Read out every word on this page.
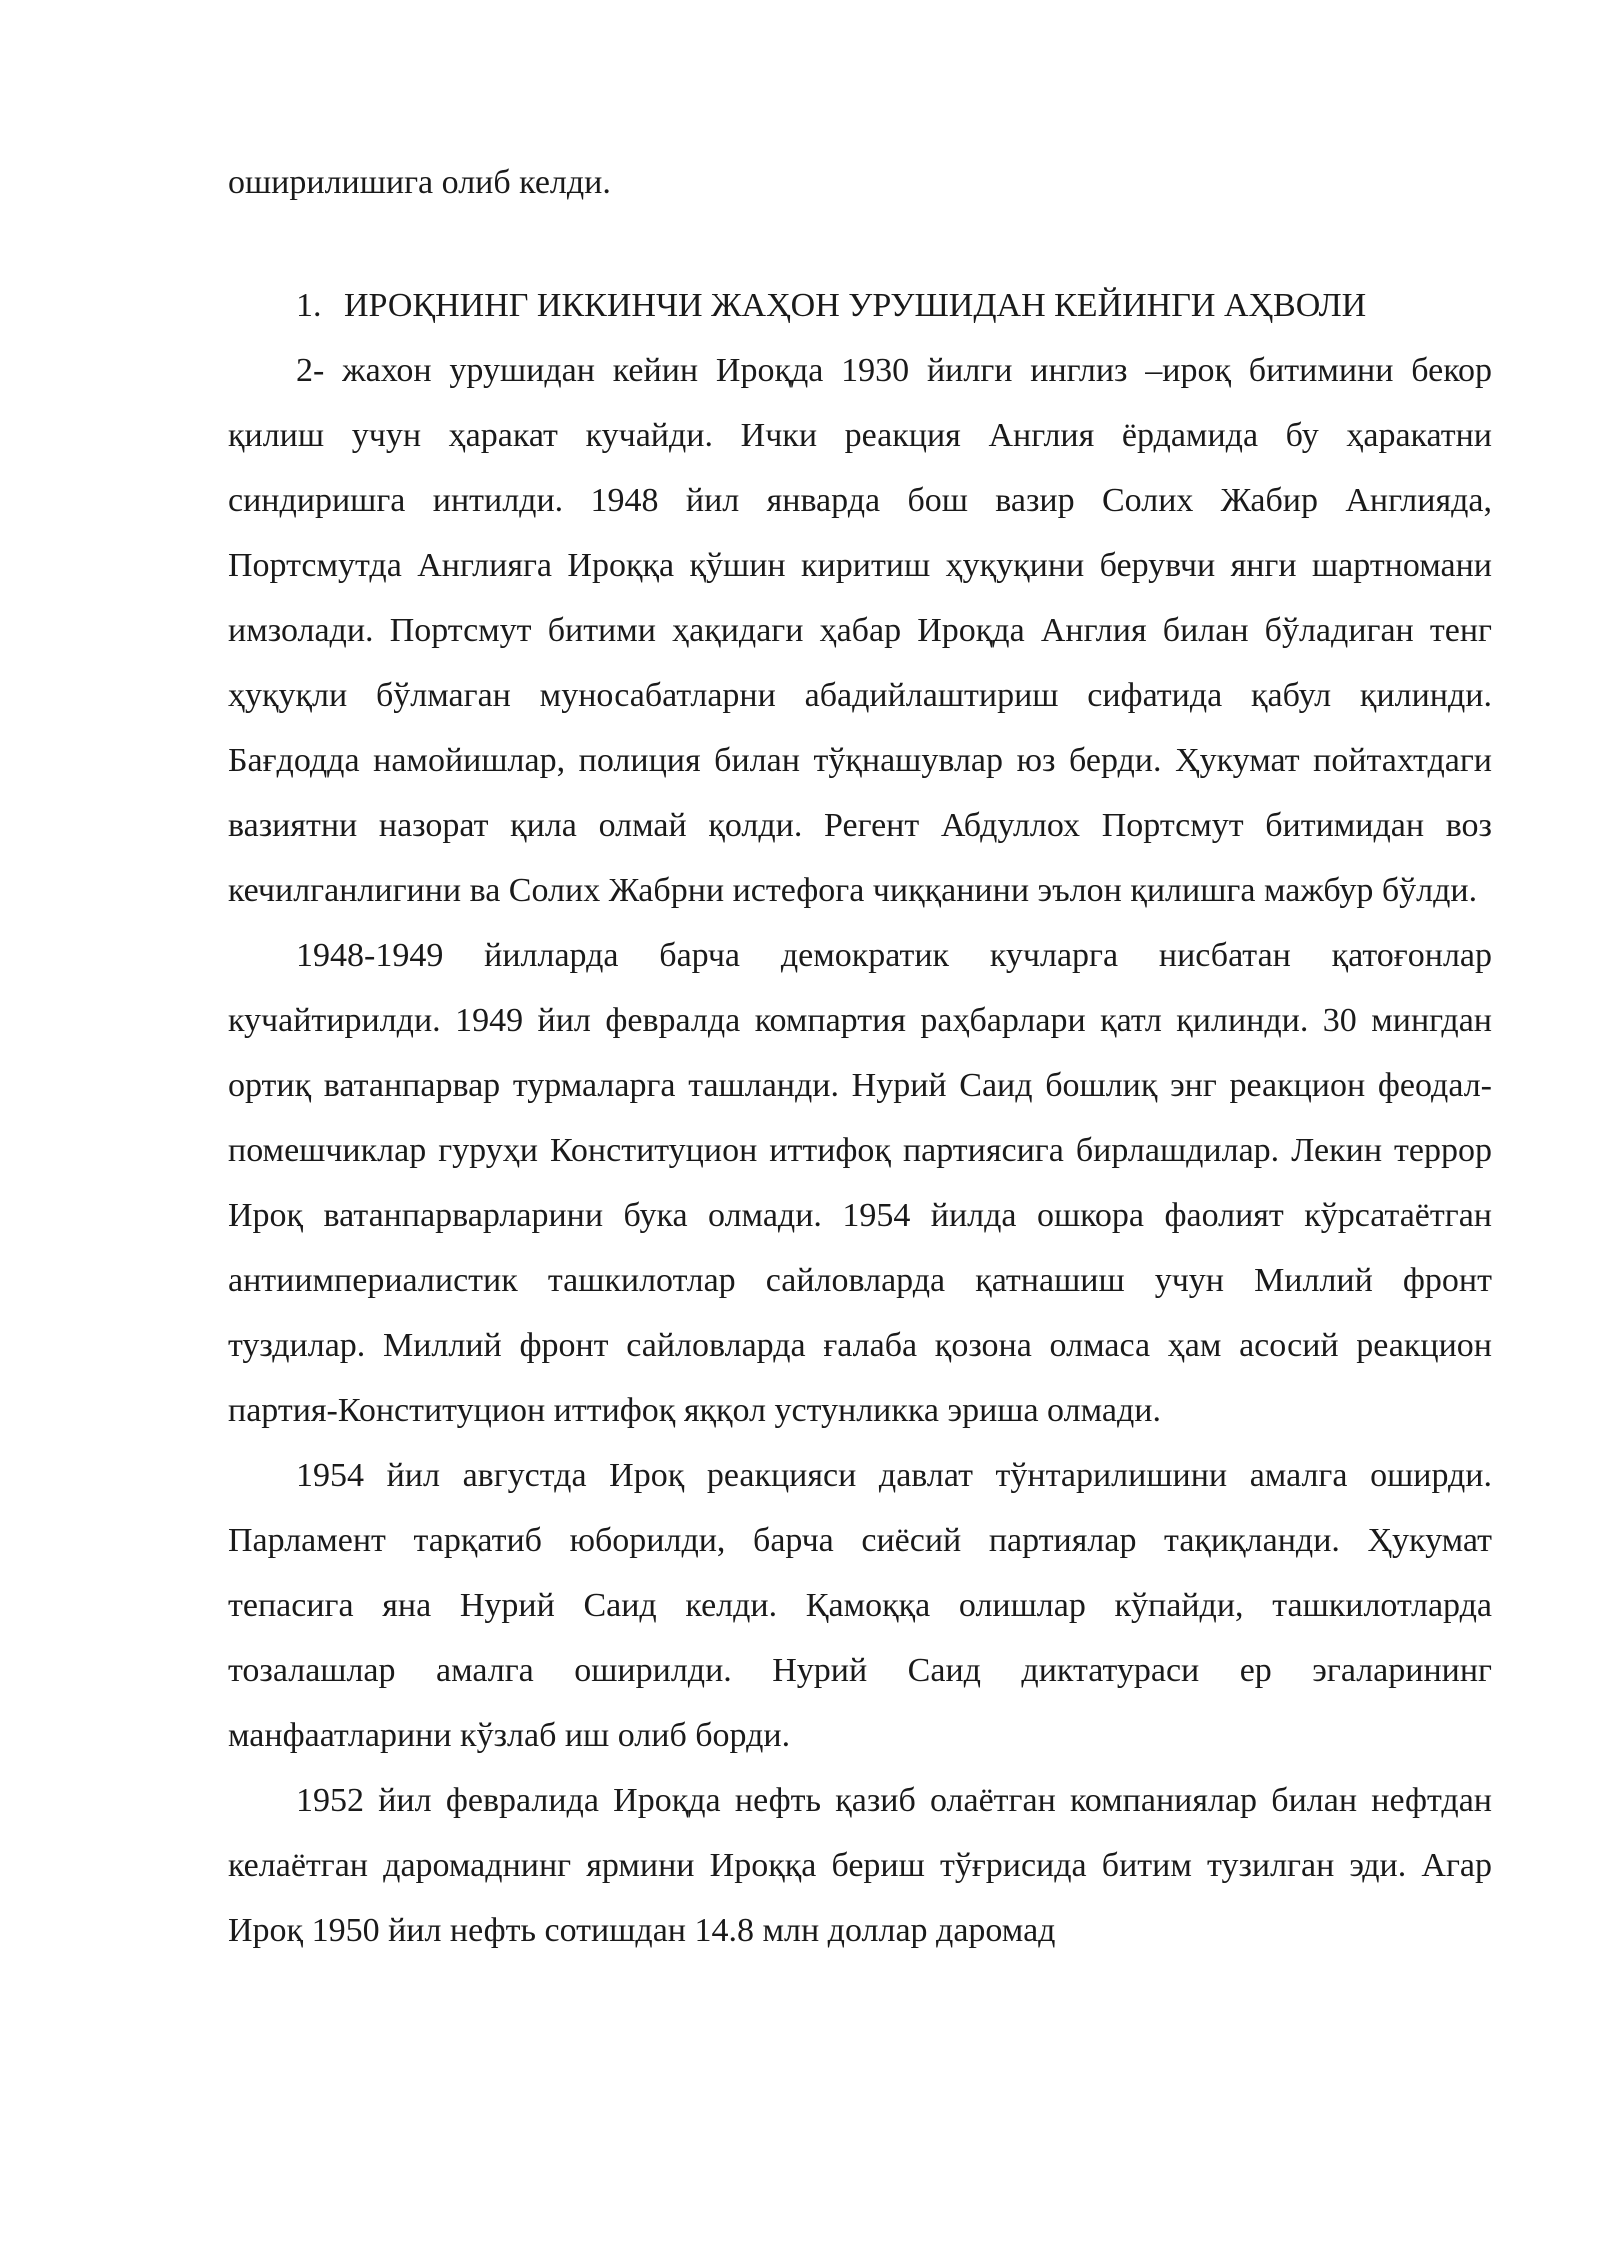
оширилишига олиб келди.

1. ИРОҚНИНГ ИККИНЧИ ЖАҲОН УРУШИДАН КЕЙИНГИ АҲВОЛИ

2- жахон урушидан кейин Ироқда 1930 йилги инглиз –ироқ битимини бекор қилиш учун ҳаракат кучайди. Ички реакция Англия ёрдамида бу ҳаракатни синдиришга интилди. 1948 йил январда бош вазир Солих Жабир Англияда, Портсмутда Англияга Ироққа қўшин киритиш ҳуқуқини берувчи янги шартномани имзолади. Портсмут битими ҳақидаги ҳабар Ироқда Англия билан бўладиган тенг ҳуқуқли бўлмаган муносабатларни абадийлаштириш сифатида қабул қилинди. Бағдодда намойишлар, полиция билан тўқнашувлар юз берди. Ҳукумат пойтахтдаги вазиятни назорат қила олмай қолди. Регент Абдуллох Портсмут битимидан воз кечилганлигини ва Солих Жабрни истефога чиққанини эълон қилишга мажбур бўлди.

1948-1949 йилларда барча демократик кучларга нисбатан қатоғонлар кучайтирилди. 1949 йил февралда компартия раҳбарлари қатл қилинди. 30 мингдан ортиқ ватанпарвар турмаларга ташланди. Нурий Саид бошлиқ энг реакцион феодал-помешчиклар гуруҳи Конституцион иттифоқ партиясига бирлашдилар. Лекин террор Ироқ ватанпарварларини бука олмади. 1954 йилда ошкора фаолият кўрсатаётган антиимпериалистик ташкилотлар сайловларда қатнашиш учун Миллий фронт туздилар. Миллий фронт сайловларда ғалаба қозона олмаса ҳам асосий реакцион партия-Конституцион иттифоқ яққол устунликка эриша олмади.

1954 йил августда Ироқ реакцияси давлат тўнтарилишини амалга оширди. Парламент тарқатиб юборилди, барча сиёсий партиялар тақиқланди. Ҳукумат тепасига яна Нурий Саид келди. Қамоққа олишлар кўпайди, ташкилотларда тозалашлар амалга оширилди. Нурий Саид диктатураси ер эгаларининг манфаатларини кўзлаб иш олиб борди.

1952 йил февралида Ироқда нефть қазиб олаётган компаниялар билан нефтдан келаётган даромаднинг ярмини Ироққа бериш тўғрисида битим тузилган эди. Агар Ироқ 1950 йил нефть сотишдан 14.8 млн доллар даромад
